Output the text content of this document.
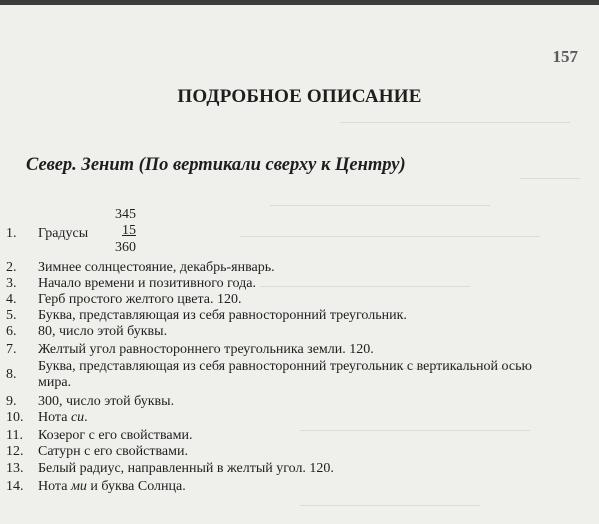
157
ПОДРОБНОЕ ОПИСАНИЕ
Север. Зенит (По вертикали сверху к Центру)
345
1. Градусы	15
360
2. Зимнее солнцестояние, декабрь-январь.
3. Начало времени и позитивного года.
4. Герб простого желтого цвета. 120.
5. Буква, представляющая из себя равносторонний треугольник.
6. 80, число этой буквы.
7. Желтый угол равностороннего треугольника земли. 120.
8.
Буква, представляющая из себя равносторонний треугольник с вертикальной осью
мира.
9. 300, число этой буквы.
10. Нота си.
11. Козерог с его свойствами.
12. Сатурн с его свойствами.
13. Белый радиус, направленный в желтый угол. 120.
14. Нота ми и буква Солнца.
